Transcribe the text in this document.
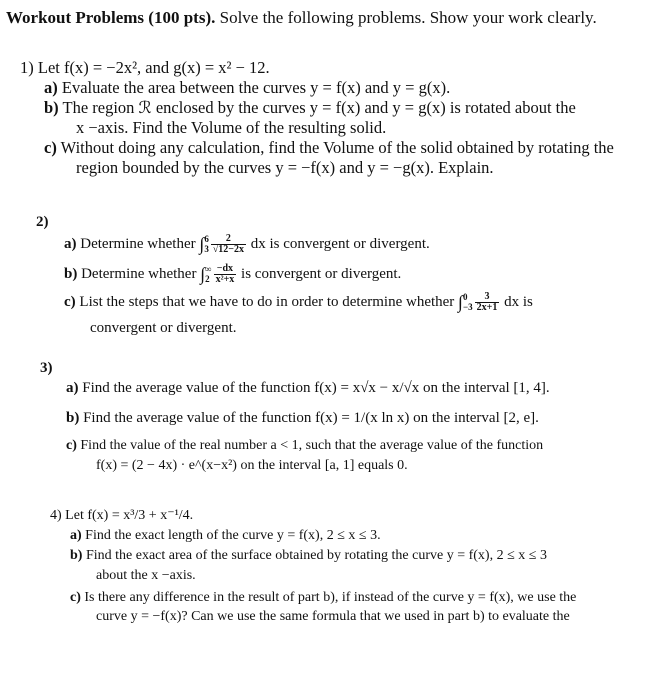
Workout Problems (100 pts). Solve the following problems. Show your work clearly.
1) Let f(x) = −2x², and g(x) = x² − 12.
a) Evaluate the area between the curves y = f(x) and y = g(x).
b) The region ℛ enclosed by the curves y = f(x) and y = g(x) is rotated about the
x −axis. Find the Volume of the resulting solid.
c) Without doing any calculation, find the Volume of the solid obtained by rotating the
region bounded by the curves y = −f(x) and y = −g(x). Explain.
2)
a) Determine whether ∫ 6
$3 \frac{2}{√12-2x}$ dx is convergent or divergent.
b) Determine whether ∫ ∞
$2 \frac{-dx}{\text{x²+x}}$ is convergent or divergent.
c) List the steps that we have to do in order to determine whether ∫ 0
$-3 \frac{3}{2x+1}$ dx is
convergent or divergent.
3)
a) Find the average value of the function f(x) = x√x − x/√x on the interval [1, 4].
b) Find the average value of the function f(x) = 1/(x ln x) on the interval [2, e].
c) Find the value of the real number a < 1, such that the average value of the function
f(x) = (2 − 4x) · e^(x−x²) on the interval [a, 1] equals 0.
4) Let f(x) = x³/3 + x⁻¹/4.
a) Find the exact length of the curve y = f(x), 2 ≤ x ≤ 3.
b) Find the exact area of the surface obtained by rotating the curve y = f(x), 2 ≤ x ≤ 3
about the x −axis.
c) Is there any difference in the result of part b), if instead of the curve y = f(x), we use the
curve y = −f(x)? Can we use the same formula that we used in part b) to evaluate the
